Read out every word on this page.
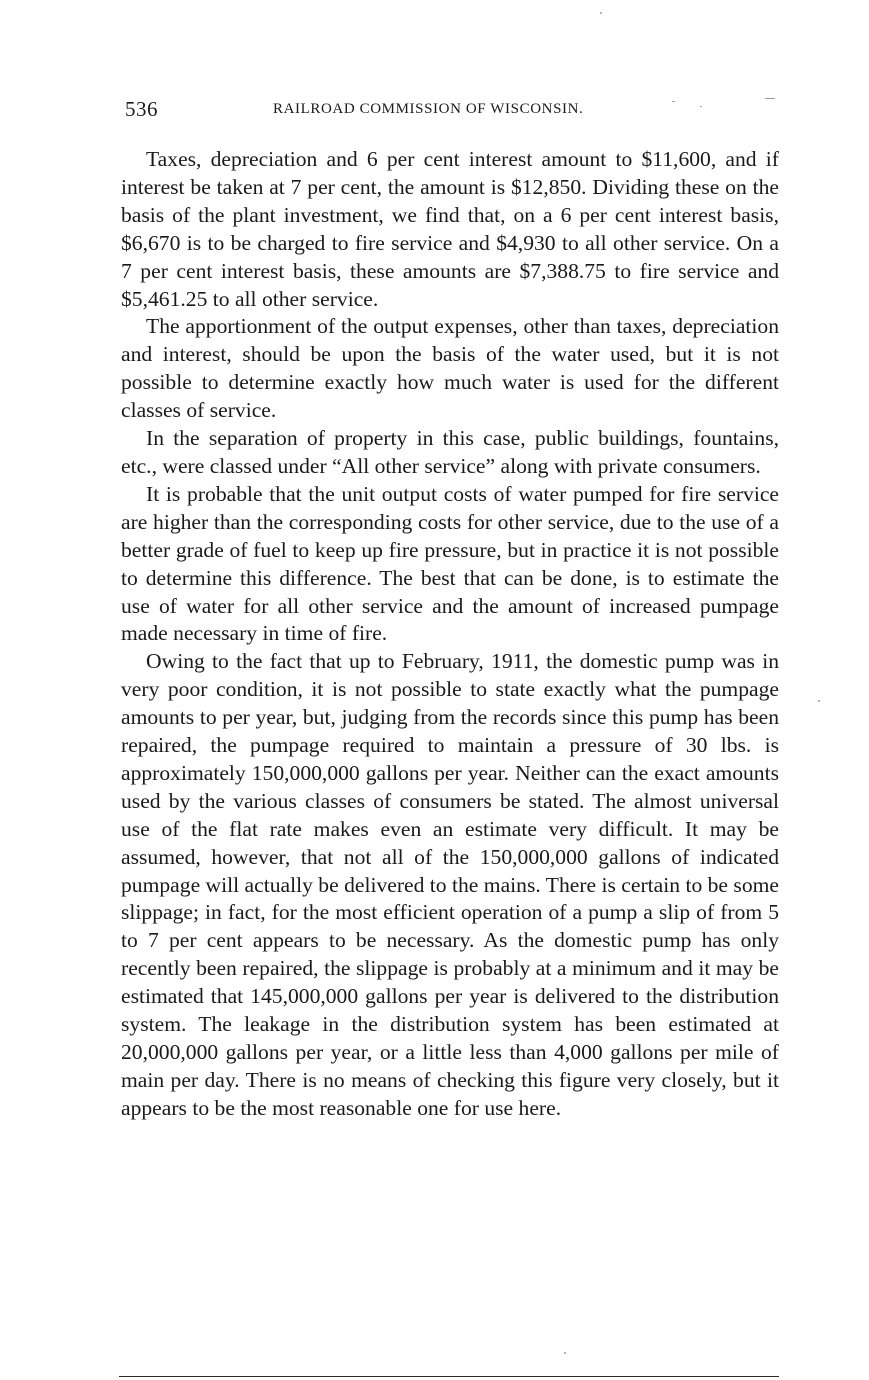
536	RAILROAD COMMISSION OF WISCONSIN.

Taxes, depreciation and 6 per cent interest amount to $11,600, and if interest be taken at 7 per cent, the amount is $12,850. Dividing these on the basis of the plant investment, we find that, on a 6 per cent interest basis, $6,670 is to be charged to fire service and $4,930 to all other service. On a 7 per cent interest basis, these amounts are $7,388.75 to fire service and $5,461.25 to all other service.

The apportionment of the output expenses, other than taxes, depreciation and interest, should be upon the basis of the water used, but it is not possible to determine exactly how much water is used for the different classes of service.

In the separation of property in this case, public buildings, fountains, etc., were classed under “All other service” along with private consumers.

It is probable that the unit output costs of water pumped for fire service are higher than the corresponding costs for other service, due to the use of a better grade of fuel to keep up fire pressure, but in practice it is not possible to determine this difference. The best that can be done, is to estimate the use of water for all other service and the amount of increased pumpage made necessary in time of fire.

Owing to the fact that up to February, 1911, the domestic pump was in very poor condition, it is not possible to state exactly what the pumpage amounts to per year, but, judging from the records since this pump has been repaired, the pumpage required to maintain a pressure of 30 lbs. is approximately 150,000,000 gallons per year. Neither can the exact amounts used by the various classes of consumers be stated. The almost universal use of the flat rate makes even an estimate very difficult. It may be assumed, however, that not all of the 150,000,000 gallons of indicated pumpage will actually be delivered to the mains. There is certain to be some slippage; in fact, for the most efficient operation of a pump a slip of from 5 to 7 per cent appears to be necessary. As the domestic pump has only recently been repaired, the slippage is probably at a minimum and it may be estimated that 145,000,000 gallons per year is delivered to the distribution system. The leakage in the distribution system has been estimated at 20,000,000 gallons per year, or a little less than 4,000 gallons per mile of main per day. There is no means of checking this figure very closely, but it appears to be the most reasonable one for use here.
